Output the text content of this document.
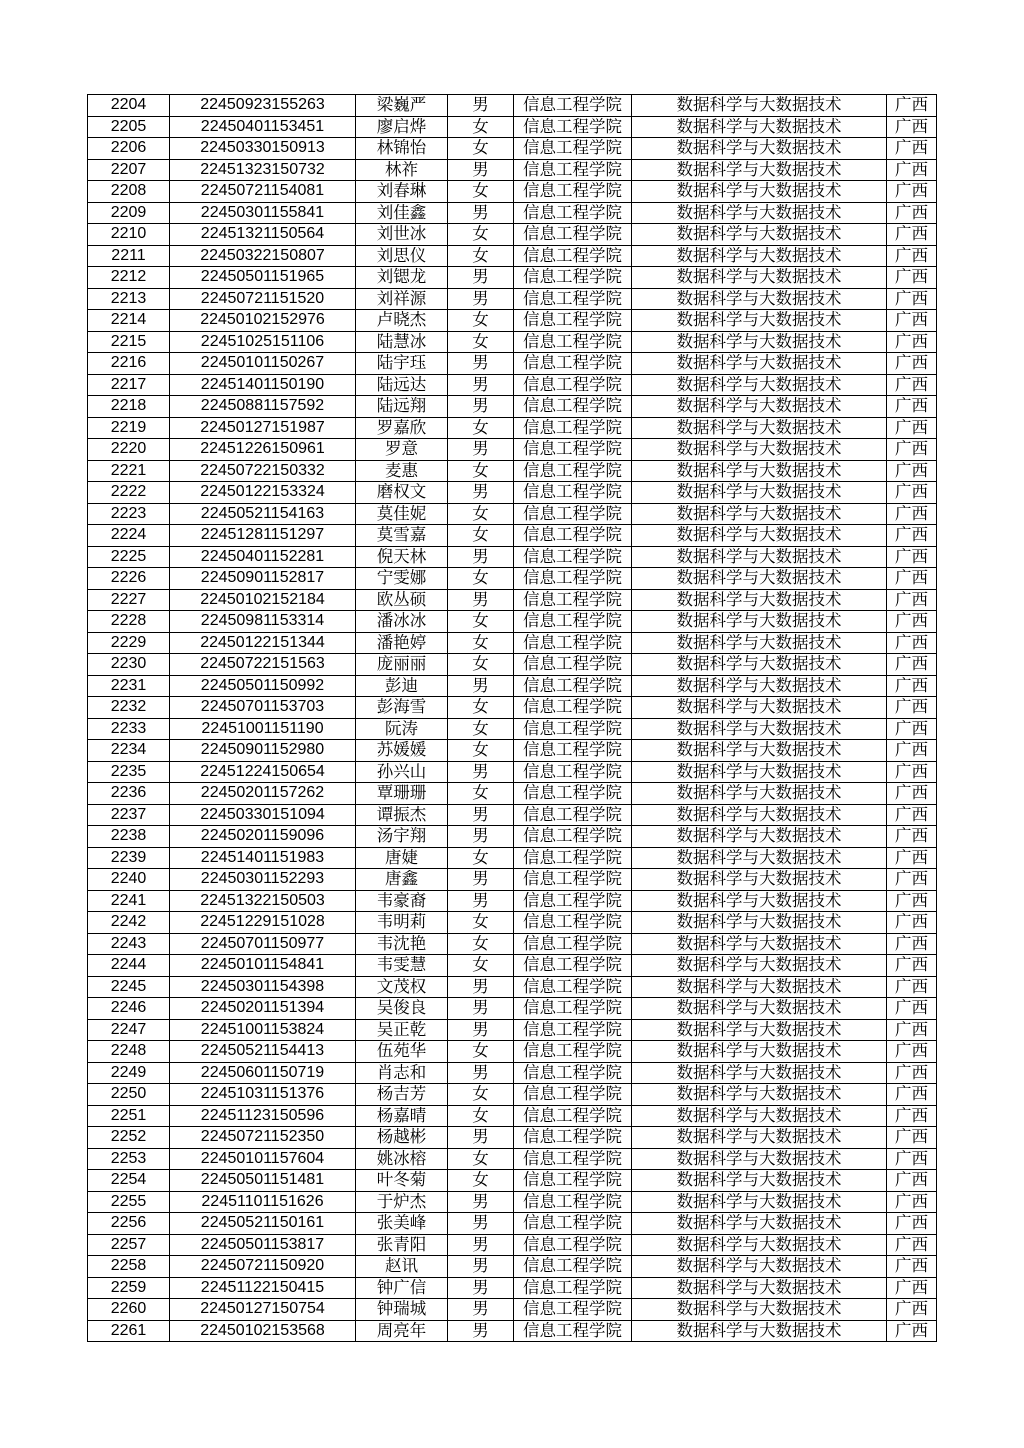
2204	22450923155263	梁巍严	男	信息工程学院	数据科学与大数据技术	广西
2205	22450401153451	廖启烨	女	信息工程学院	数据科学与大数据技术	广西
2206	22450330150913	林锦怡	女	信息工程学院	数据科学与大数据技术	广西
2207	22451323150732	林祚	男	信息工程学院	数据科学与大数据技术	广西
2208	22450721154081	刘春琳	女	信息工程学院	数据科学与大数据技术	广西
2209	22450301155841	刘佳鑫	男	信息工程学院	数据科学与大数据技术	广西
2210	22451321150564	刘世冰	女	信息工程学院	数据科学与大数据技术	广西
2211	22450322150807	刘思仪	女	信息工程学院	数据科学与大数据技术	广西
2212	22450501151965	刘锶龙	男	信息工程学院	数据科学与大数据技术	广西
2213	22450721151520	刘祥源	男	信息工程学院	数据科学与大数据技术	广西
2214	22450102152976	卢晓杰	女	信息工程学院	数据科学与大数据技术	广西
2215	22451025151106	陆慧冰	女	信息工程学院	数据科学与大数据技术	广西
2216	22450101150267	陆宇珏	男	信息工程学院	数据科学与大数据技术	广西
2217	22451401150190	陆远达	男	信息工程学院	数据科学与大数据技术	广西
2218	22450881157592	陆远翔	男	信息工程学院	数据科学与大数据技术	广西
2219	22450127151987	罗嘉欣	女	信息工程学院	数据科学与大数据技术	广西
2220	22451226150961	罗意	男	信息工程学院	数据科学与大数据技术	广西
2221	22450722150332	麦惠	女	信息工程学院	数据科学与大数据技术	广西
2222	22450122153324	磨权文	男	信息工程学院	数据科学与大数据技术	广西
2223	22450521154163	莫佳妮	女	信息工程学院	数据科学与大数据技术	广西
2224	22451281151297	莫雪嘉	女	信息工程学院	数据科学与大数据技术	广西
2225	22450401152281	倪天林	男	信息工程学院	数据科学与大数据技术	广西
2226	22450901152817	宁雯娜	女	信息工程学院	数据科学与大数据技术	广西
2227	22450102152184	欧丛硕	男	信息工程学院	数据科学与大数据技术	广西
2228	22450981153314	潘冰冰	女	信息工程学院	数据科学与大数据技术	广西
2229	22450122151344	潘艳婷	女	信息工程学院	数据科学与大数据技术	广西
2230	22450722151563	庞丽丽	女	信息工程学院	数据科学与大数据技术	广西
2231	22450501150992	彭迪	男	信息工程学院	数据科学与大数据技术	广西
2232	22450701153703	彭海雪	女	信息工程学院	数据科学与大数据技术	广西
2233	22451001151190	阮涛	女	信息工程学院	数据科学与大数据技术	广西
2234	22450901152980	苏媛媛	女	信息工程学院	数据科学与大数据技术	广西
2235	22451224150654	孙兴山	男	信息工程学院	数据科学与大数据技术	广西
2236	22450201157262	覃珊珊	女	信息工程学院	数据科学与大数据技术	广西
2237	22450330151094	谭振杰	男	信息工程学院	数据科学与大数据技术	广西
2238	22450201159096	汤宇翔	男	信息工程学院	数据科学与大数据技术	广西
2239	22451401151983	唐婕	女	信息工程学院	数据科学与大数据技术	广西
2240	22450301152293	唐鑫	男	信息工程学院	数据科学与大数据技术	广西
2241	22451322150503	韦豪裔	男	信息工程学院	数据科学与大数据技术	广西
2242	22451229151028	韦明莉	女	信息工程学院	数据科学与大数据技术	广西
2243	22450701150977	韦沈艳	女	信息工程学院	数据科学与大数据技术	广西
2244	22450101154841	韦雯慧	女	信息工程学院	数据科学与大数据技术	广西
2245	22450301154398	文茂权	男	信息工程学院	数据科学与大数据技术	广西
2246	22450201151394	吴俊良	男	信息工程学院	数据科学与大数据技术	广西
2247	22451001153824	吴正乾	男	信息工程学院	数据科学与大数据技术	广西
2248	22450521154413	伍苑华	女	信息工程学院	数据科学与大数据技术	广西
2249	22450601150719	肖志和	男	信息工程学院	数据科学与大数据技术	广西
2250	22451031151376	杨吉芳	女	信息工程学院	数据科学与大数据技术	广西
2251	22451123150596	杨嘉晴	女	信息工程学院	数据科学与大数据技术	广西
2252	22450721152350	杨越彬	男	信息工程学院	数据科学与大数据技术	广西
2253	22450101157604	姚冰榕	女	信息工程学院	数据科学与大数据技术	广西
2254	22450501151481	叶冬菊	女	信息工程学院	数据科学与大数据技术	广西
2255	22451101151626	于炉杰	男	信息工程学院	数据科学与大数据技术	广西
2256	22450521150161	张美峰	男	信息工程学院	数据科学与大数据技术	广西
2257	22450501153817	张青阳	男	信息工程学院	数据科学与大数据技术	广西
2258	22450721150920	赵讯	男	信息工程学院	数据科学与大数据技术	广西
2259	22451122150415	钟广信	男	信息工程学院	数据科学与大数据技术	广西
2260	22450127150754	钟瑞城	男	信息工程学院	数据科学与大数据技术	广西
2261	22450102153568	周亮年	男	信息工程学院	数据科学与大数据技术	广西
